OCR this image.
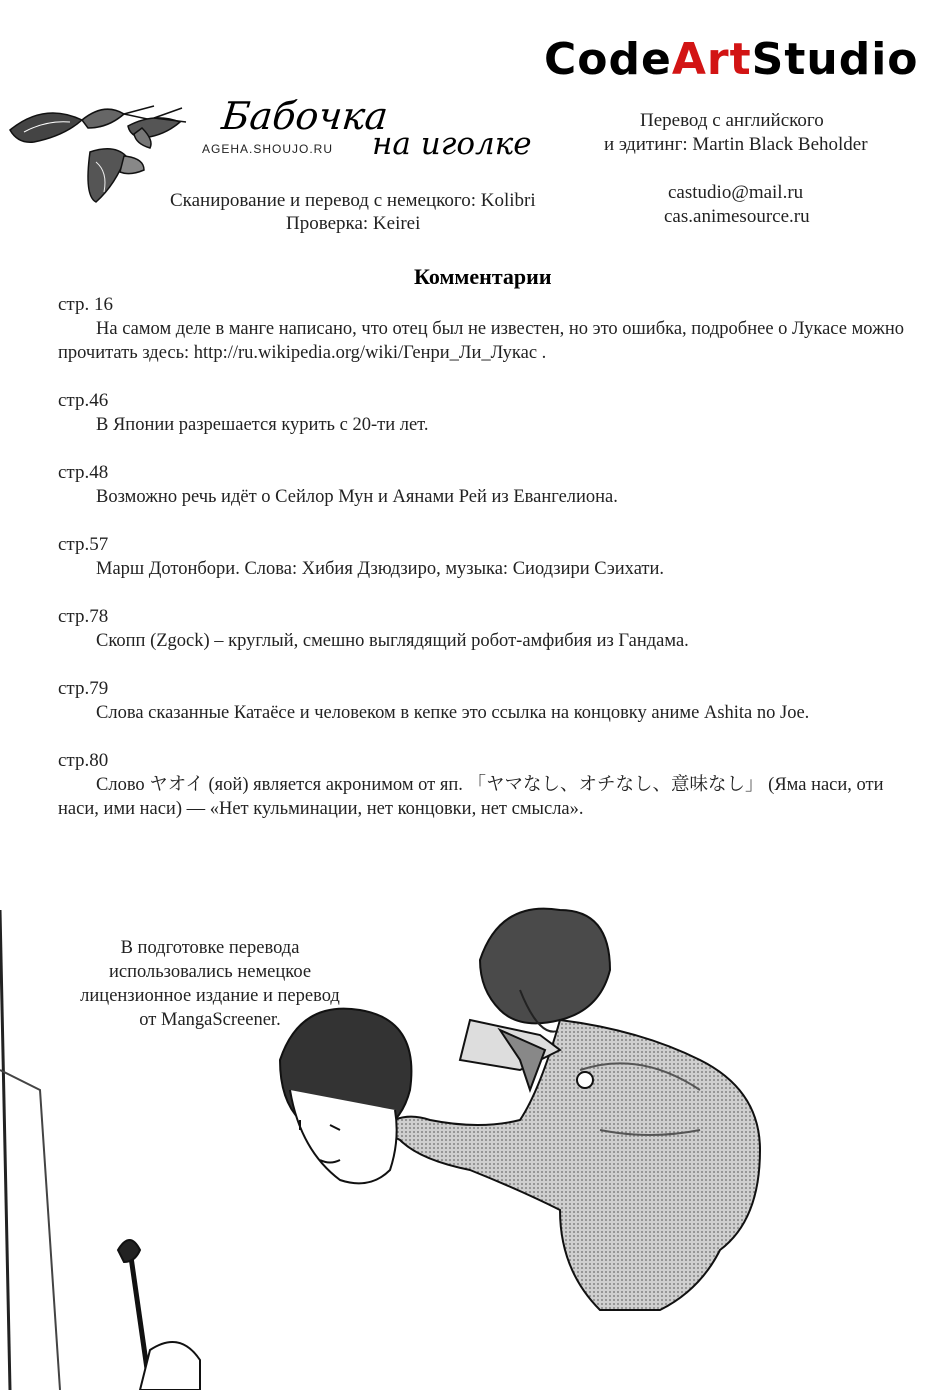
CodeArtStudio
Бабочка
на иголке
AGEHA.SHOUJO.RU
Перевод с английского
и эдитинг: Martin Black Beholder
Сканирование и перевод с немецкого: Kolibri
Проверка: Keirei
castudio@mail.ru
cas.animesource.ru
Комментарии
стр. 16
На самом деле в манге написано, что отец был не известен, но это ошибка, подробнее о Лукасе можно прочитать здесь: http://ru.wikipedia.org/wiki/Генри_Ли_Лукас .
стр.46
В Японии разрешается курить с 20-ти лет.
стр.48
Возможно речь идёт о Сейлор Мун и Аянами Рей из Евангелиона.
стр.57
Марш Дотонбори. Слова: Хибия Дзюдзиро, музыка: Сиодзири Сэихати.
стр.78
Скопп (Zgock) – круглый, смешно выглядящий робот-амфибия из Гандама.
стр.79
Слова сказанные Катаёсе и человеком в кепке это ссылка на концовку аниме Ashita no Joe.
стр.80
Слово ヤオイ (яой) является акронимом от яп. 「ヤマなし、オチなし、意味なし」 (Яма наси, оти наси, ими наси) — «Нет кульминации, нет концовки, нет смысла».
В подготовке перевода использовались немецкое лицензионное издание и перевод от MangaScreener.
